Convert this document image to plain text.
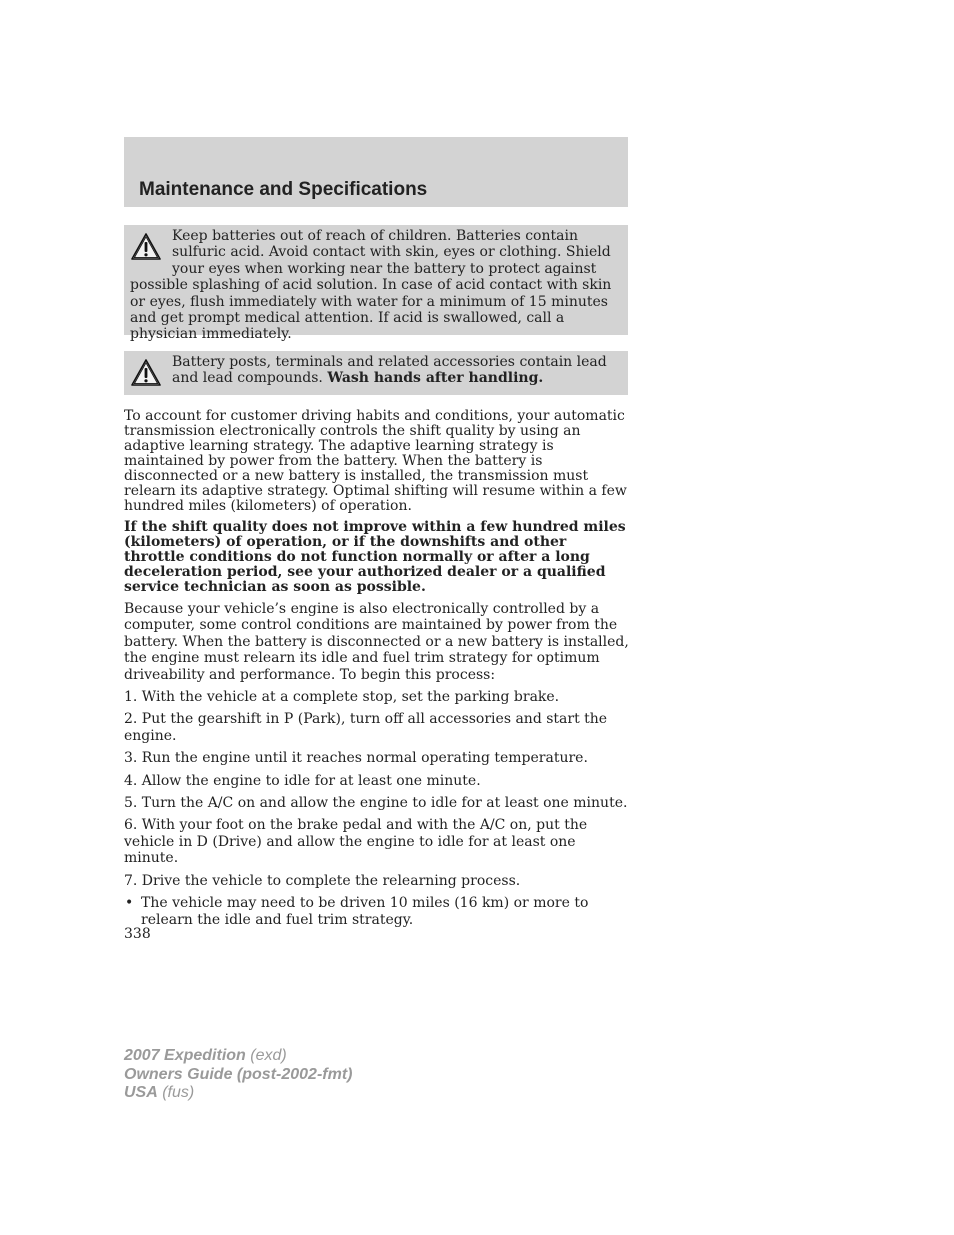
Maintenance and Specifications

Keep batteries out of reach of children. Batteries contain sulfuric acid. Avoid contact with skin, eyes or clothing. Shield your eyes when working near the battery to protect against possible splashing of acid solution. In case of acid contact with skin or eyes, flush immediately with water for a minimum of 15 minutes and get prompt medical attention. If acid is swallowed, call a physician immediately.

Battery posts, terminals and related accessories contain lead and lead compounds. Wash hands after handling.

To account for customer driving habits and conditions, your automatic transmission electronically controls the shift quality by using an adaptive learning strategy. The adaptive learning strategy is maintained by power from the battery. When the battery is disconnected or a new battery is installed, the transmission must relearn its adaptive strategy. Optimal shifting will resume within a few hundred miles (kilometers) of operation.

If the shift quality does not improve within a few hundred miles (kilometers) of operation, or if the downshifts and other throttle conditions do not function normally or after a long deceleration period, see your authorized dealer or a qualified service technician as soon as possible.

Because your vehicle’s engine is also electronically controlled by a computer, some control conditions are maintained by power from the battery. When the battery is disconnected or a new battery is installed, the engine must relearn its idle and fuel trim strategy for optimum driveability and performance. To begin this process:

1. With the vehicle at a complete stop, set the parking brake.
2. Put the gearshift in P (Park), turn off all accessories and start the engine.
3. Run the engine until it reaches normal operating temperature.
4. Allow the engine to idle for at least one minute.
5. Turn the A/C on and allow the engine to idle for at least one minute.
6. With your foot on the brake pedal and with the A/C on, put the vehicle in D (Drive) and allow the engine to idle for at least one minute.
7. Drive the vehicle to complete the relearning process.

• The vehicle may need to be driven 10 miles (16 km) or more to relearn the idle and fuel trim strategy.

338
2007 Expedition (exd)
Owners Guide (post-2002-fmt)
USA (fus)
